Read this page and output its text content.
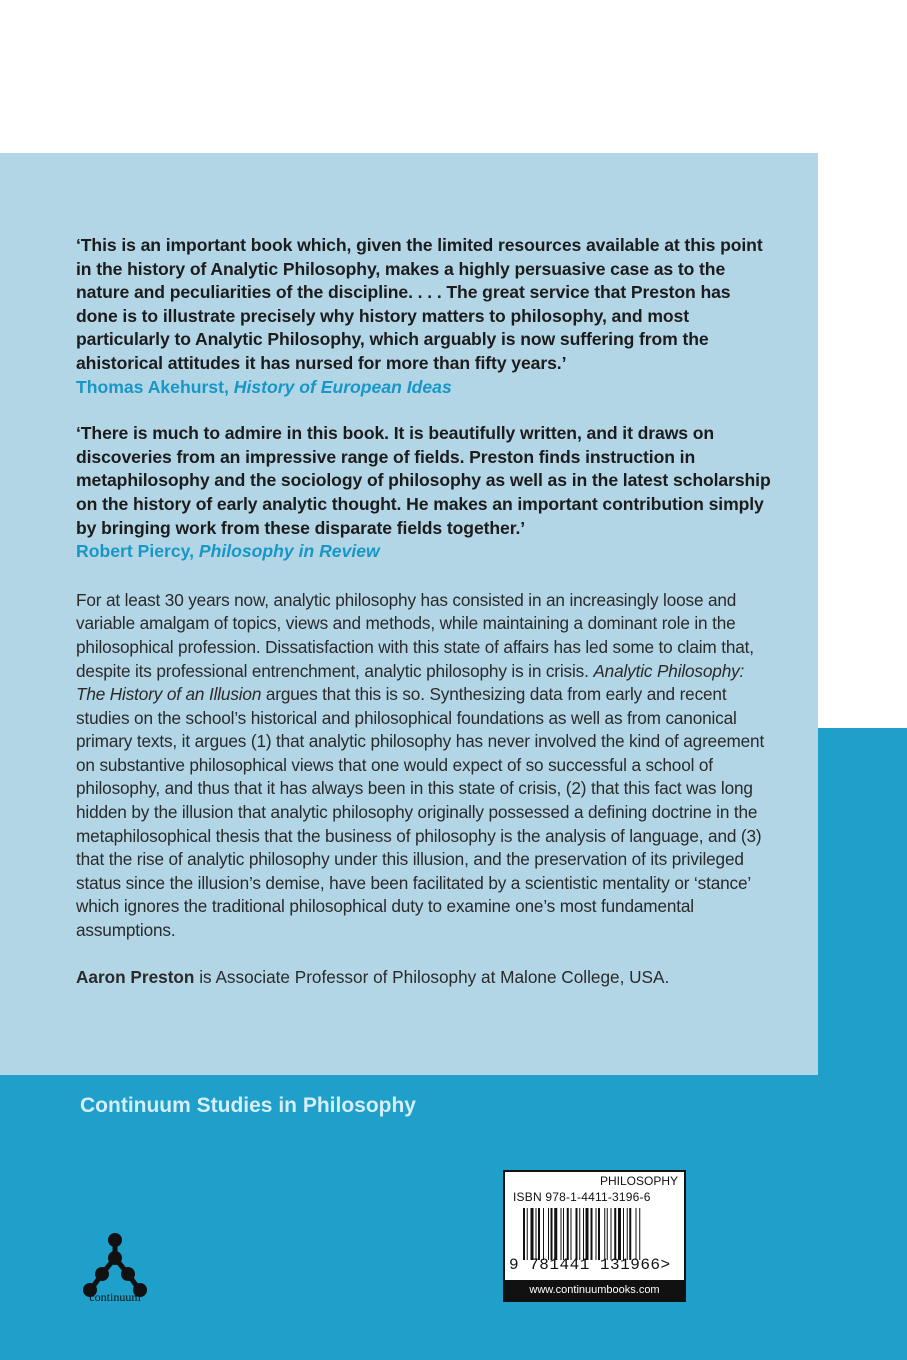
‘This is an important book which, given the limited resources available at this point in the history of Analytic Philosophy, makes a highly persuasive case as to the nature and peculiarities of the discipline. . . . The great service that Preston has done is to illustrate precisely why history matters to philosophy, and most particularly to Analytic Philosophy, which arguably is now suffering from the ahistorical attitudes it has nursed for more than fifty years.’

Thomas Akehurst, History of European Ideas

‘There is much to admire in this book. It is beautifully written, and it draws on discoveries from an impressive range of fields. Preston finds instruction in metaphilosophy and the sociology of philosophy as well as in the latest scholarship on the history of early analytic thought. He makes an important contribution simply by bringing work from these disparate fields together.’

Robert Piercy, Philosophy in Review

For at least 30 years now, analytic philosophy has consisted in an increasingly loose and variable amalgam of topics, views and methods, while maintaining a dominant role in the philosophical profession. Dissatisfaction with this state of affairs has led some to claim that, despite its professional entrenchment, analytic philosophy is in crisis. Analytic Philosophy: The History of an Illusion argues that this is so. Synthesizing data from early and recent studies on the school’s historical and philosophical foundations as well as from canonical primary texts, it argues (1) that analytic philosophy has never involved the kind of agreement on substantive philosophical views that one would expect of so successful a school of philosophy, and thus that it has always been in this state of crisis, (2) that this fact was long hidden by the illusion that analytic philosophy originally possessed a defining doctrine in the metaphilosophical thesis that the business of philosophy is the analysis of language, and (3) that the rise of analytic philosophy under this illusion, and the preservation of its privileged status since the illusion’s demise, have been facilitated by a scientistic mentality or ‘stance’ which ignores the traditional philosophical duty to examine one’s most fundamental assumptions.

Aaron Preston is Associate Professor of Philosophy at Malone College, USA.

Continuum Studies in Philosophy
continuum
PHILOSOPHY
ISBN 978-1-4411-3196-6
9 781441 131966>
www.continuumbooks.com
